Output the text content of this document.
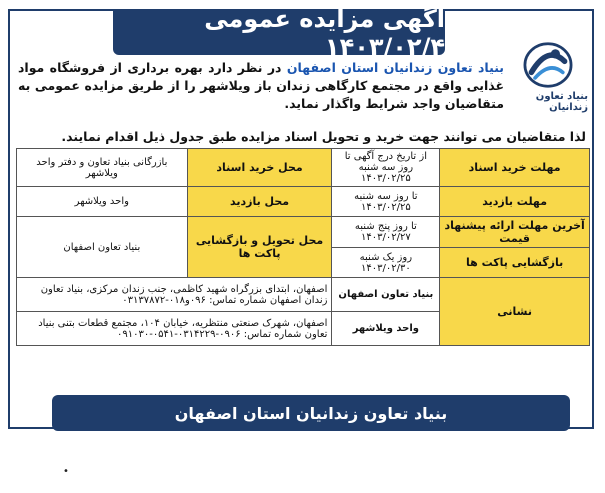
آگهی مزایده عمومی ۱۴۰۳/۰۲/۴
بنیاد تعاون زندانیان
بنیاد تعاون زندانیان استان اصفهان در نظر دارد بهره برداری از فروشگاه مواد غذایی واقع در مجتمع کارگاهی زندان باز ویلاشهر را از طریق مزایده عمومی به متقاضیان واجد شرایط واگذار نماید.
لذا متقاضیان می توانند جهت خرید و تحویل اسناد مزایده طبق جدول ذیل اقدام نمایند.
مهلت خرید اسناد	از تاریخ درج آگهی تا روز سه شنبه ۱۴۰۳/۰۲/۲۵	محل خرید اسناد	بازرگانی بنیاد تعاون و دفتر واحد ویلاشهر
مهلت بازدید	تا روز سه شنبه ۱۴۰۳/۰۲/۲۵	محل بازدید	واحد ویلاشهر
آخرین مهلت ارائه پیشنهاد قیمت	تا روز پنج شنبه ۱۴۰۳/۰۲/۲۷	محل تحویل و بازگشایی پاکت ها	بنیاد تعاون اصفهان
بازگشایی پاکت ها	روز یک شنبه ۱۴۰۳/۰۲/۳۰		
نشانی	بنیاد تعاون اصفهان	اصفهان، ابتدای بزرگراه شهید کاظمی، جنب زندان مرکزی، بنیاد تعاون زندان اصفهان شماره تماس: ۰۹۶و۰۱۸-۰۳۱۳۷۸۷۲	
	واحد ویلاشهر	اصفهان، شهرک صنعتی منتظریه، خیابان ۱۰۴، مجتمع قطعات بتنی بنیاد تعاون شماره تماس: ۰۹۰۶-۰۳۱۴۲۲۹-۰۵۴۱-۰۹۱۰۳۰	
بنیاد تعاون زندانیان استان اصفهان
•
